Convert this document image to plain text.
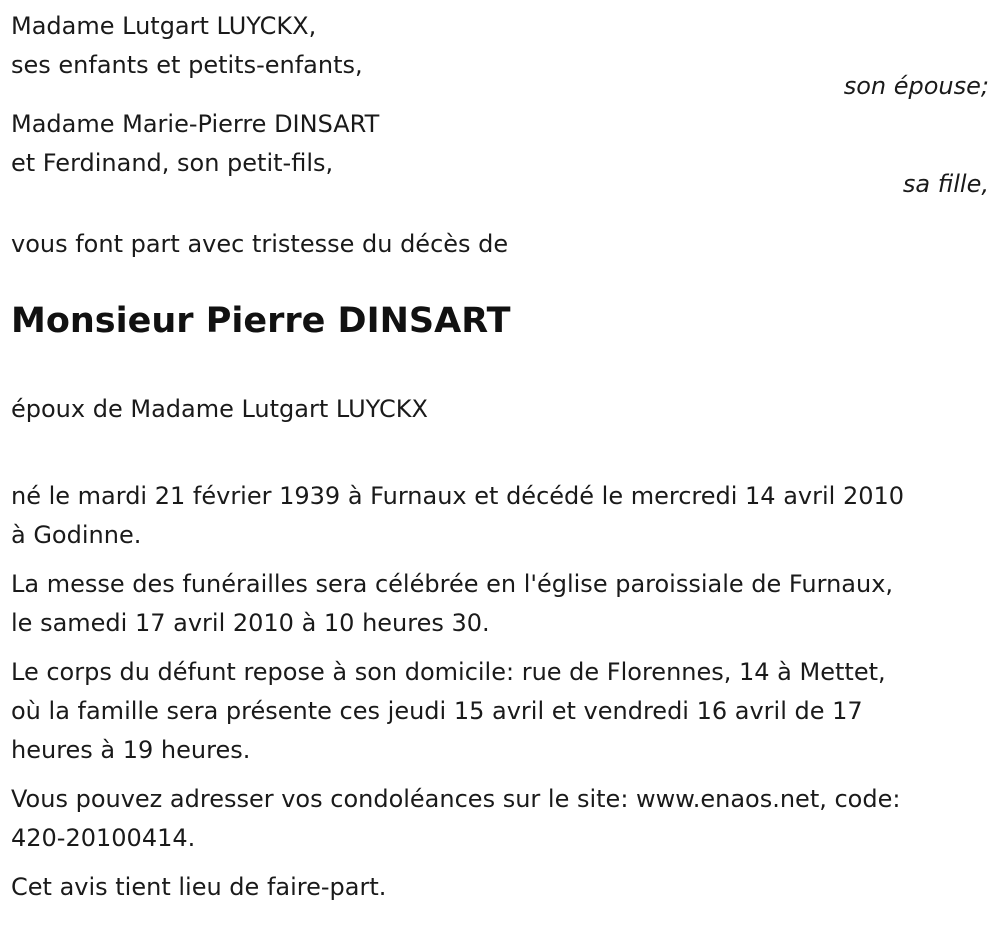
Madame Lutgart LUYCKX,
ses enfants et petits-enfants,
son épouse;
Madame Marie-Pierre DINSART
et Ferdinand, son petit-fils,
sa fille,
vous font part avec tristesse du décès de
Monsieur Pierre DINSART
époux de Madame Lutgart LUYCKX

né le mardi 21 février 1939 à Furnaux et décédé le mercredi 14 avril 2010
à Godinne.

La messe des funérailles sera célébrée en l'église paroissiale de Furnaux,
le samedi 17 avril 2010 à 10 heures 30.

Le corps du défunt repose à son domicile: rue de Florennes, 14 à Mettet,
où la famille sera présente ces jeudi 15 avril et vendredi 16 avril de 17
heures à 19 heures.

Vous pouvez adresser vos condoléances sur le site: www.enaos.net, code:
420-20100414.

Cet avis tient lieu de faire-part.
